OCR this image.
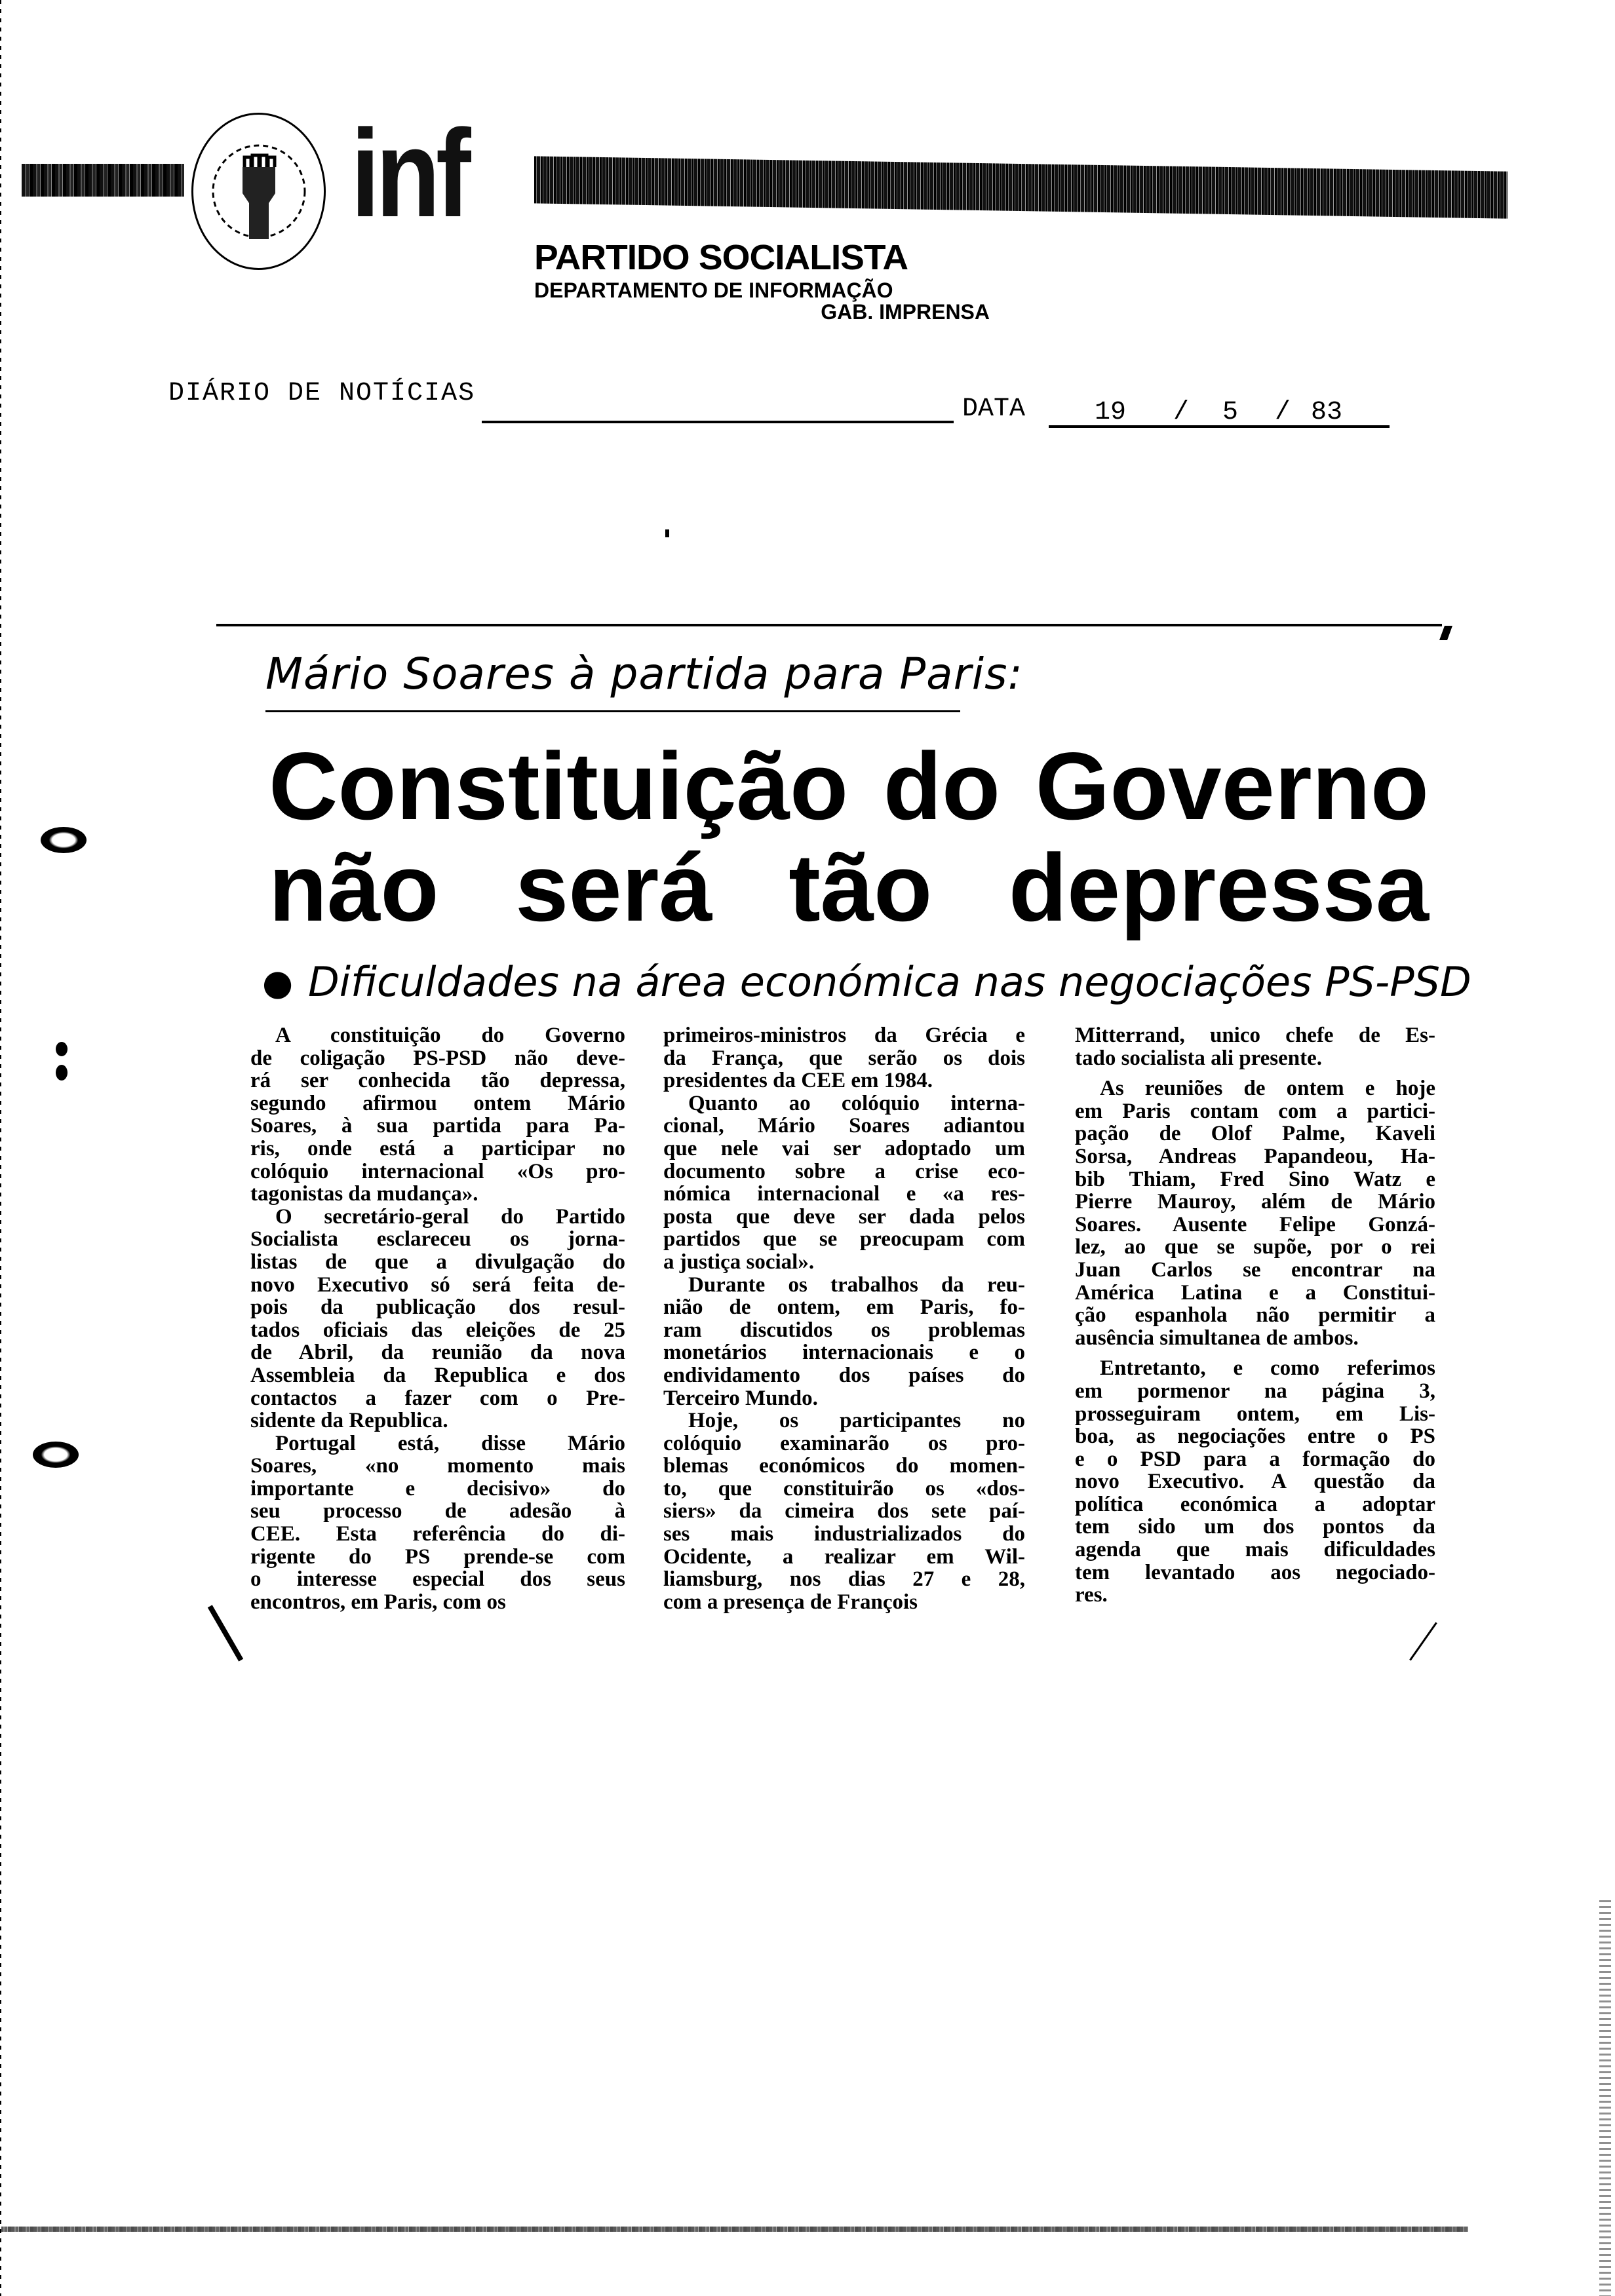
inf
PARTIDO SOCIALISTA
DEPARTAMENTO DE INFORMAÇÃO
GAB. IMPRENSA
DIÁRIO DE NOTÍCIAS
DATA	19 / 5 / 83
Mário Soares à partida para Paris:
Constituição do Governo
não será tão depressa
● Dificuldades na área económica nas negociações PS-PSD
A constituição do Governo
de coligação PS-PSD não deve-
rá ser conhecida tão depressa,
segundo afirmou ontem Mário
Soares, à sua partida para Pa-
ris, onde está a participar no
colóquio internacional «Os pro-
tagonistas da mudança».
O secretário-geral do Partido
Socialista esclareceu os jorna-
listas de que a divulgação do
novo Executivo só será feita de-
pois da publicação dos resul-
tados oficiais das eleições de 25
de Abril, da reunião da nova
Assembleia da Republica e dos
contactos a fazer com o Pre-
sidente da Republica.
Portugal está, disse Mário
Soares, «no momento mais
importante e decisivo» do
seu processo de adesão à
CEE. Esta referência do di-
rigente do PS prende-se com
o interesse especial dos seus
encontros, em Paris, com os
primeiros-ministros da Grécia e
da França, que serão os dois
presidentes da CEE em 1984.
Quanto ao colóquio interna-
cional, Mário Soares adiantou
que nele vai ser adoptado um
documento sobre a crise eco-
nómica internacional e «a res-
posta que deve ser dada pelos
partidos que se preocupam com
a justiça social».
Durante os trabalhos da reu-
nião de ontem, em Paris, fo-
ram discutidos os problemas
monetários internacionais e o
endividamento dos países do
Terceiro Mundo.
Hoje, os participantes no
colóquio examinarão os pro-
blemas económicos do momen-
to, que constituirão os «dos-
siers» da cimeira dos sete paí-
ses mais industrializados do
Ocidente, a realizar em Wil-
liamsburg, nos dias 27 e 28,
com a presença de François
Mitterrand, unico chefe de Es-
tado socialista ali presente.
As reuniões de ontem e hoje
em Paris contam com a partici-
pação de Olof Palme, Kaveli
Sorsa, Andreas Papandeou, Ha-
bib Thiam, Fred Sino Watz e
Pierre Mauroy, além de Mário
Soares. Ausente Felipe Gonzá-
lez, ao que se supõe, por o rei
Juan Carlos se encontrar na
América Latina e a Constitui-
ção espanhola não permitir a
ausência simultanea de ambos.
Entretanto, e como referimos
em pormenor na página 3,
prosseguiram ontem, em Lis-
boa, as negociações entre o PS
e o PSD para a formação do
novo Executivo. A questão da
política económica a adoptar
tem sido um dos pontos da
agenda que mais dificuldades
tem levantado aos negociado-
res.
